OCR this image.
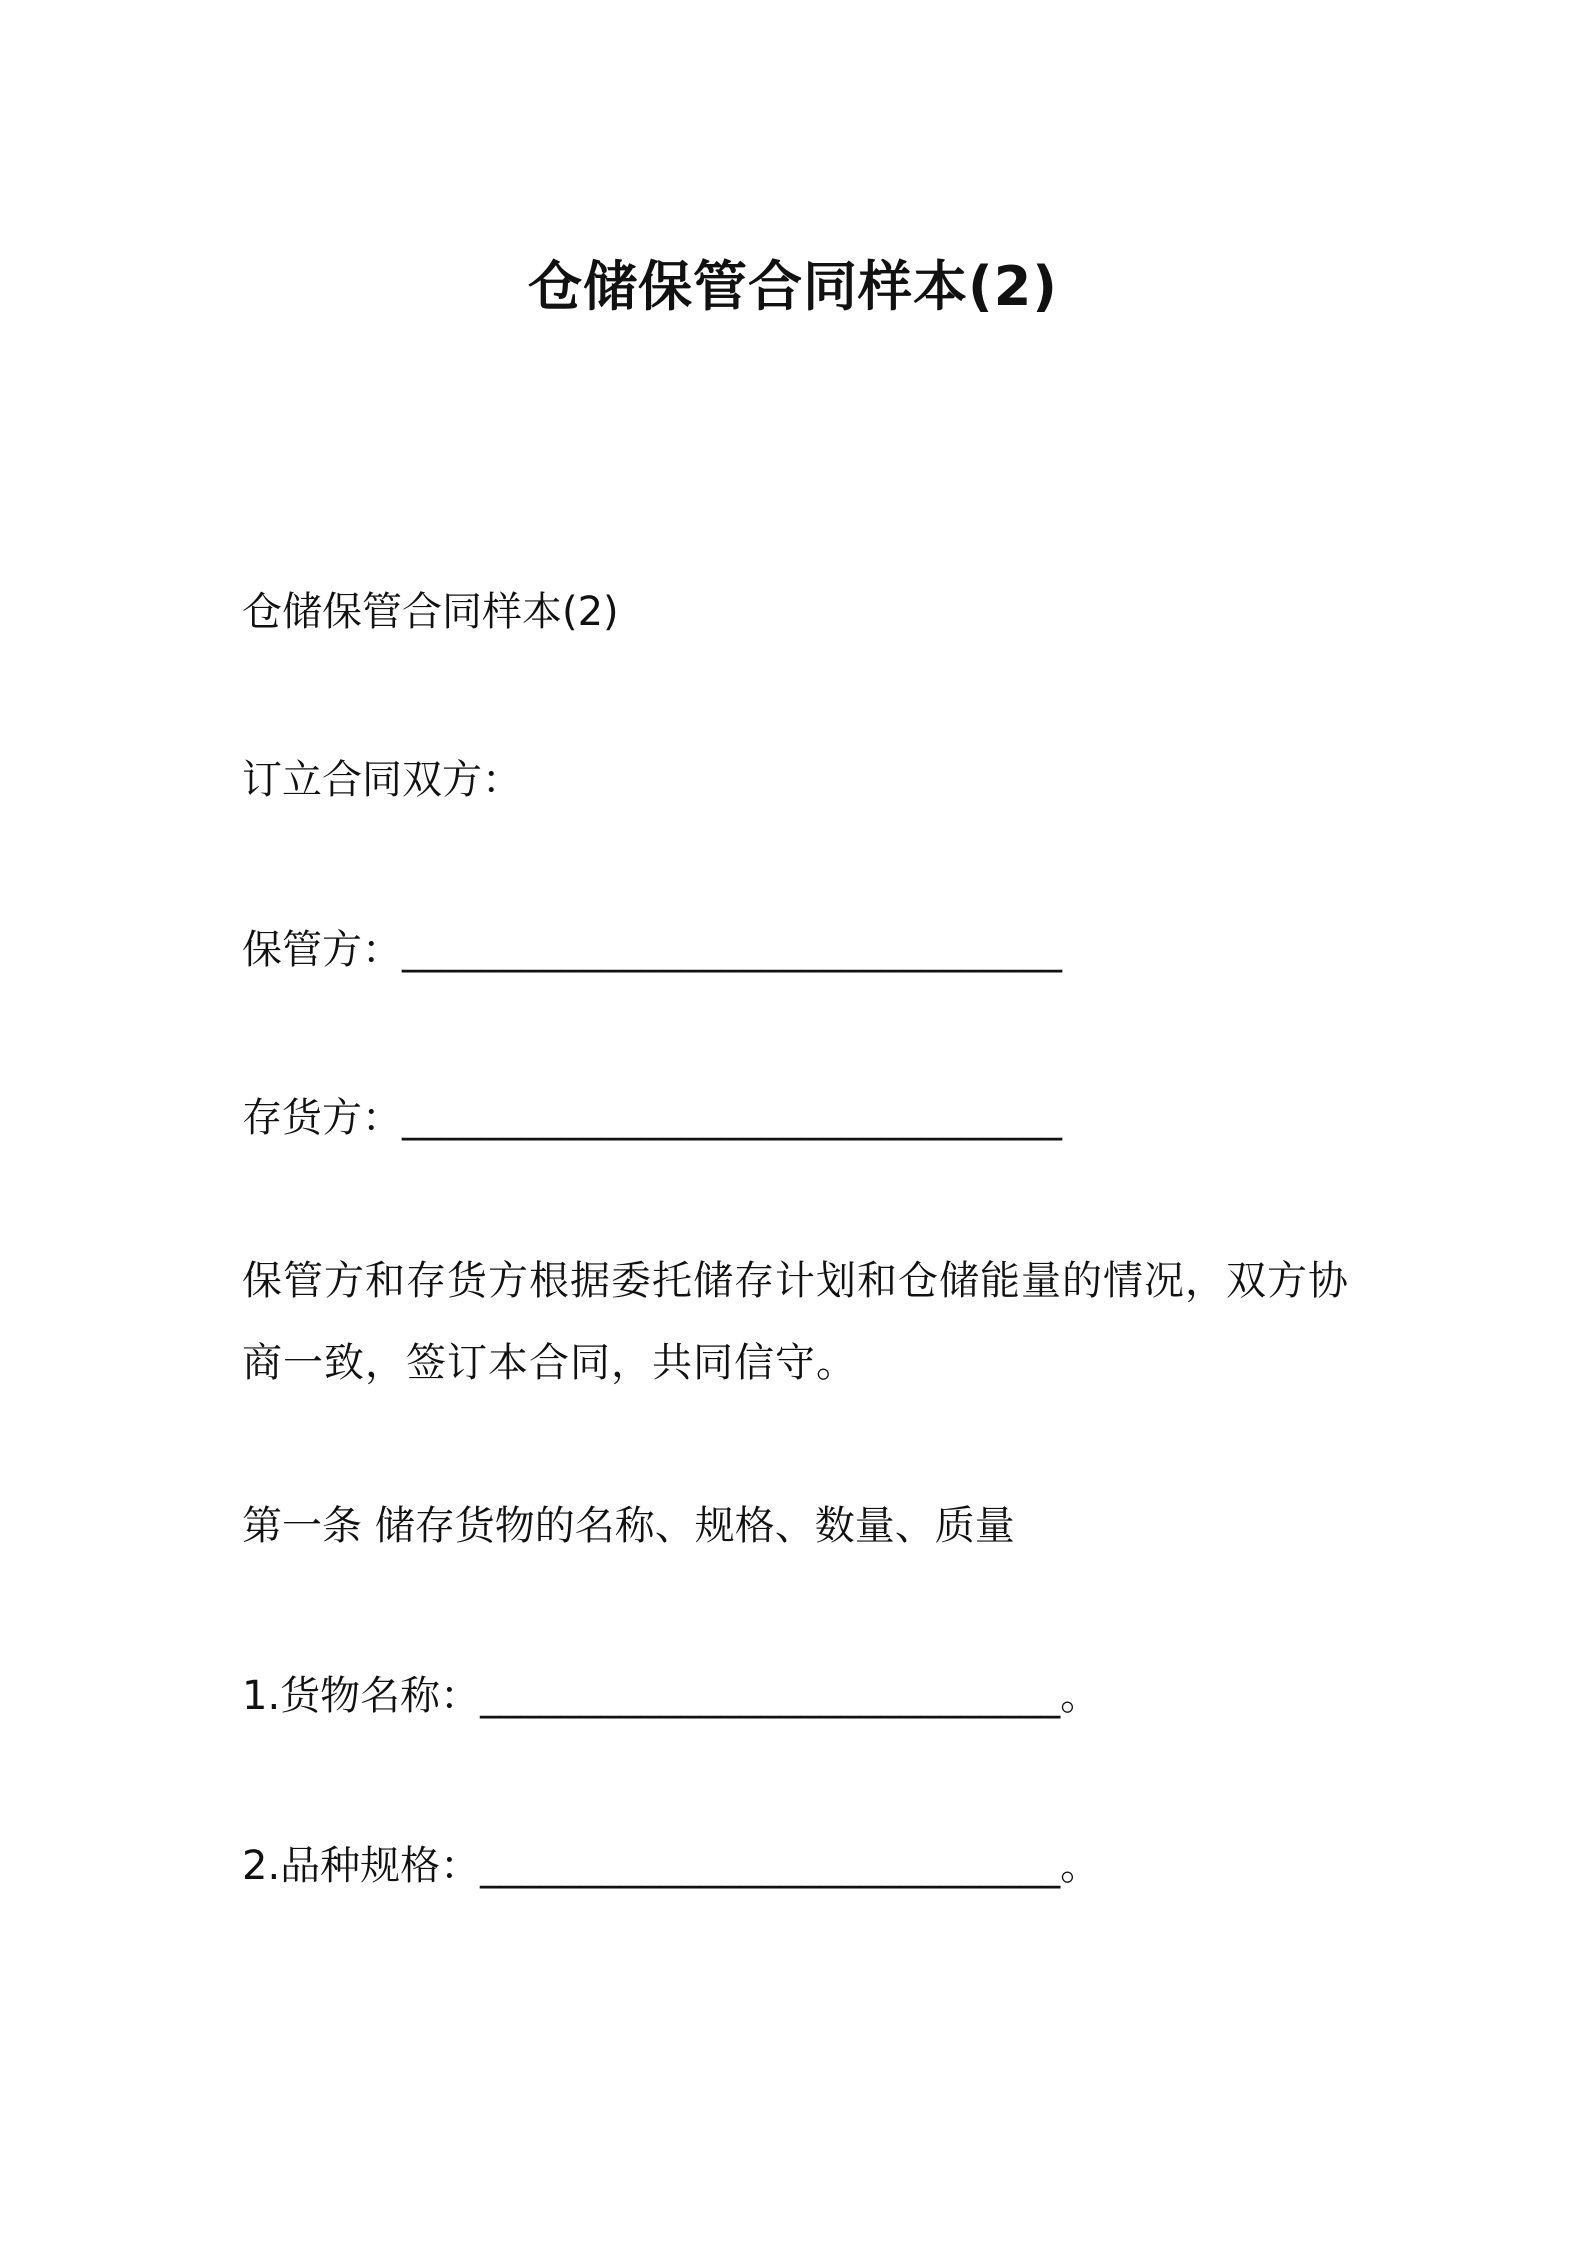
仓储保管合同样本(2)
仓储保管合同样本(2)
订立合同双方：
保管方：_________________________________
存货方：_________________________________
保管方和存货方根据委托储存计划和仓储能量的情况，双方协商一致，签订本合同，共同信守。
第一条 储存货物的名称、规格、数量、质量
1.货物名称：_____________________________。
2.品种规格：_____________________________。
